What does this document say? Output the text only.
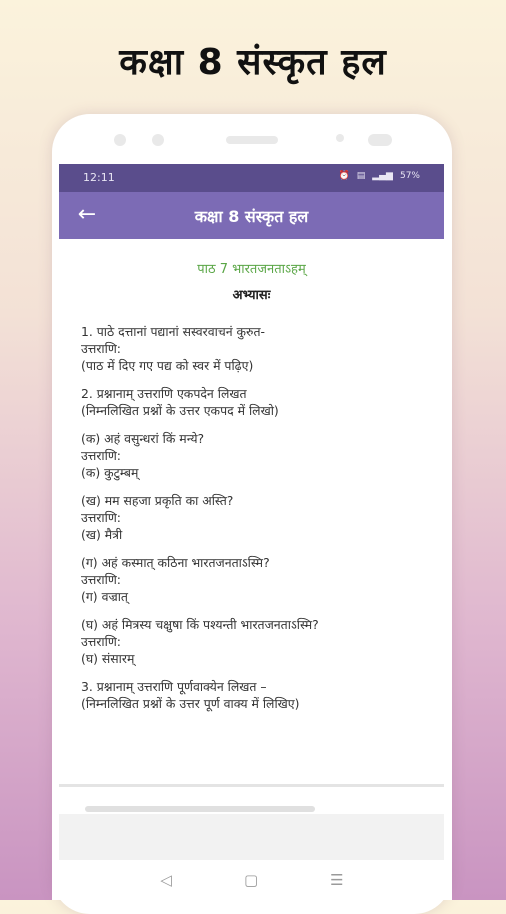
कक्षा 8 संस्कृत हल
12:11	⏰ ▤ ▂▄▆ 57%
←	कक्षा 8 संस्कृत हल
पाठ 7 भारतजनताऽहम्
अभ्यासः
1. पाठे दत्तानां पद्यानां सस्वरवाचनं कुरुत-
उत्तराणि:
(पाठ में दिए गए पद्य को स्वर में पढ़िए)
2. प्रश्नानाम् उत्तराणि एकपदेन लिखत
(निम्नलिखित प्रश्नों के उत्तर एकपद में लिखो)
(क) अहं वसुन्धरां किं मन्ये?
उत्तराणि:
(क) कुटुम्बम्
(ख) मम सहजा प्रकृति का अस्ति?
उत्तराणि:
(ख) मैत्री
(ग) अहं कस्मात् कठिना भारतजनताऽस्मि?
उत्तराणि:
(ग) वज्रात्
(घ) अहं मित्रस्य चक्षुषा किं पश्यन्ती भारतजनताऽस्मि?
उत्तराणि:
(घ) संसारम्
3. प्रश्नानाम् उत्तराणि पूर्णवाक्येन लिखत –
(निम्नलिखित प्रश्नों के उत्तर पूर्ण वाक्य में लिखिए)
◁	▢	☰
